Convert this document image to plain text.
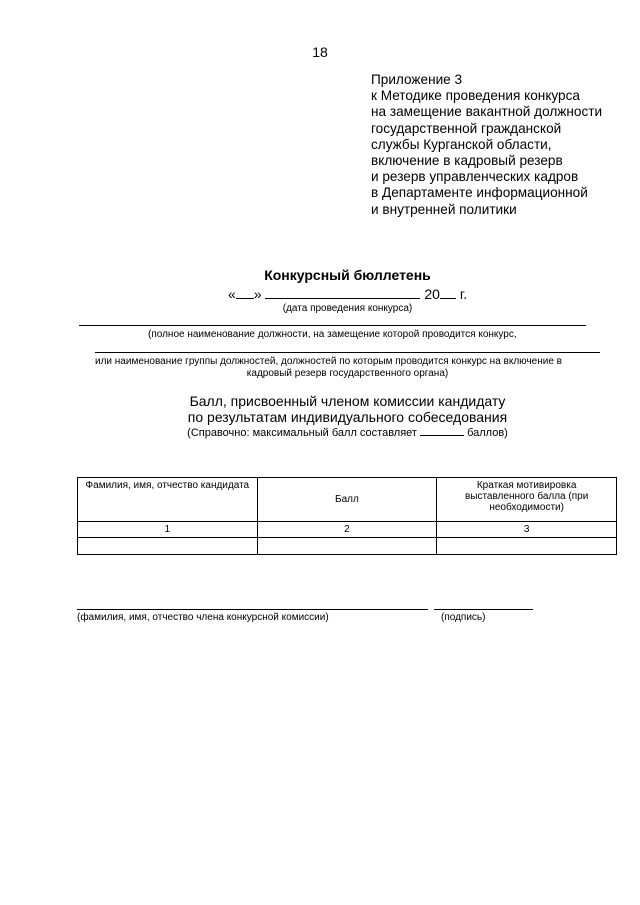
18
Приложение 3
к Методике проведения конкурса
на замещение вакантной должности
государственной гражданской
службы Курганской области,
включение в кадровый резерв
и резерв управленческих кадров
в Департаменте информационной
и внутренней политики
Конкурсный бюллетень
« »	20 г.
(дата проведения конкурса)
(полное наименование должности, на замещение которой проводится конкурс,
или наименование группы должностей, должностей по которым проводится конкурс на включение в
кадровый резерв государственного органа)
Балл, присвоенный членом комиссии кандидату
по результатам индивидуального собеседования
(Справочно: максимальный балл составляет	баллов)
Фамилия, имя, отчество кандидата	Балл	Краткая мотивировка выставленного балла (при необходимости)
1	2	3

(фамилия, имя, отчество члена конкурсной комиссии)	(подпись)
